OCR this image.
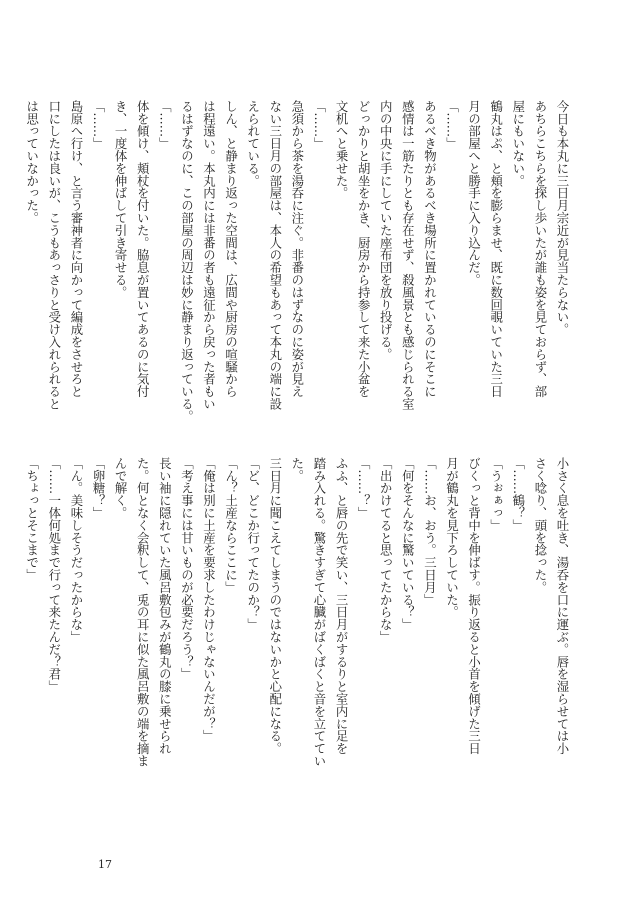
今日も本丸に三日月宗近が見当たらない。

あちらこちらを探し歩いたが誰も姿を見ておらず、部

屋にもいない。

鶴丸はぷ、と頬を膨らませ、既に数回覗いていた三日

月の部屋へと勝手に入り込んだ。

「……」

あるべき物があるべき場所に置かれているのにそこに

感情は一筋たりとも存在せず、殺風景とも感じられる室

内の中央に手にしていた座布団を放り投げる。

どっかりと胡坐をかき、厨房から持参して来た小盆を

文机へと乗せた。

「……」

急須から茶を湯呑に注ぐ。非番のはずなのに姿が見え

ない三日月の部屋は、本人の希望もあって本丸の端に設

えられている。

しん、と静まり返った空間は、広間や厨房の喧騒から

は程遠い。本丸内には非番の者も遠征から戻った者もい

るはずなのに、この部屋の周辺は妙に静まり返っている。

「……」

体を傾け、頬杖を付いた。脇息が置いてあるのに気付

き、一度体を伸ばして引き寄せる。

「……」

島原へ行け、と言う審神者に向かって編成をさせろと

口にしたは良いが、こうもあっさりと受け入れられると

は思っていなかった。

小さく息を吐き、湯呑を口に運ぶ。唇を湿らせては小

さく唸り、頭を捻った。

「……鶴？」

「うぉぁっ」

びくっと背中を伸ばす。振り返ると小首を傾げた三日

月が鶴丸を見下ろしていた。

「……お、おう。三日月」

「何をそんなに驚いている？」

「出かけてると思ってたからな」

「……？」

ふふ、と唇の先で笑い、三日月がするりと室内に足を

踏み入れる。驚きすぎて心臓がばくばくと音を立ててい

た。

三日月に聞こえてしまうのではないかと心配になる。

「ど、どこか行ってたのか？」

「ん？土産ならここに」

「俺は別に土産を要求したわけじゃないんだが？」

「考え事には甘いものが必要だろう？」

長い袖に隠れていた風呂敷包みが鶴丸の膝に乗せられ

た。何となく会釈して、兎の耳に似た風呂敷の端を摘ま

んで解く。

「卵糖？」

「ん。美味しそうだったからな」

「……一体何処まで行って来たんだ？君」

「ちょっとそこまで」

17
